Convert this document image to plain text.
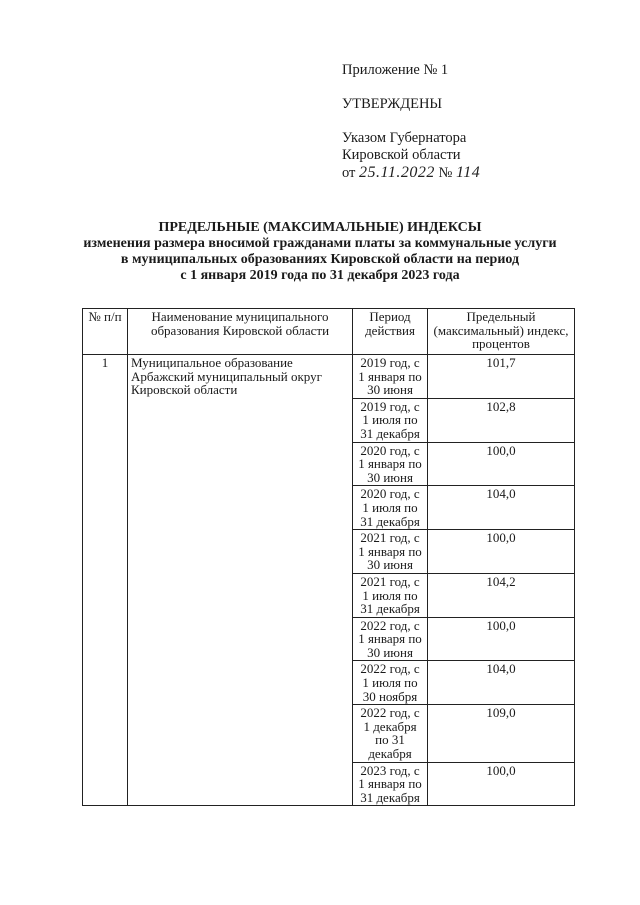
Приложение № 1
УТВЕРЖДЕНЫ
Указом Губернатора
Кировской области
от 25.11.2022 № 114
ПРЕДЕЛЬНЫЕ (МАКСИМАЛЬНЫЕ) ИНДЕКСЫ
изменения размера вносимой гражданами платы за коммунальные услуги
в муниципальных образованиях Кировской области на период
с 1 января 2019 года по 31 декабря 2023 года
№ п/п	Наименование муниципального образования Кировской области	Период действия	Предельный (максимальный) индекс, процентов
1	Муниципальное образование Арбажский муниципальный округ Кировской области	2019 год, с 1 января по 30 июня	101,7
		2019 год, с 1 июля по 31 декабря	102,8
		2020 год, с 1 января по 30 июня	100,0
		2020 год, с 1 июля по 31 декабря	104,0
		2021 год, с 1 января по 30 июня	100,0
		2021 год, с 1 июля по 31 декабря	104,2
		2022 год, с 1 января по 30 июня	100,0
		2022 год, с 1 июля по 30 ноября	104,0
		2022 год, с 1 декабря по 31 декабря	109,0
		2023 год, с 1 января по 31 декабря	100,0
